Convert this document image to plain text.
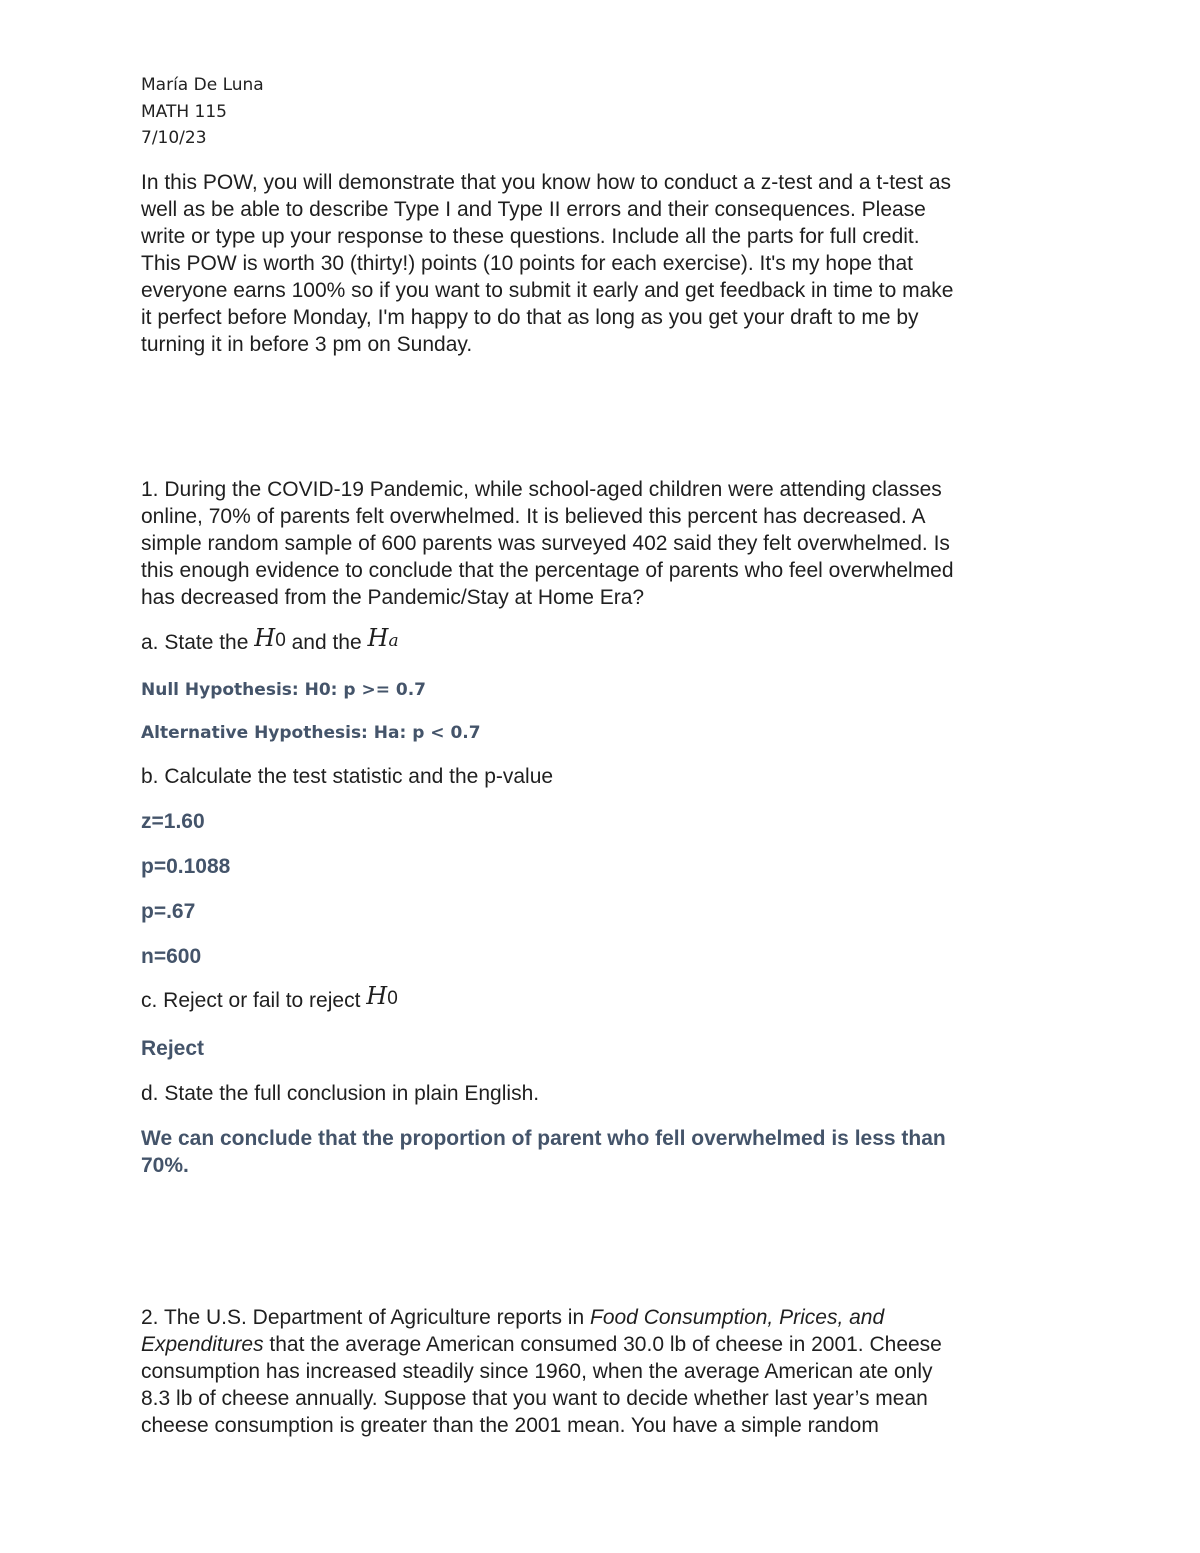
María De Luna

MATH 115

7/10/23

In this POW, you will demonstrate that you know how to conduct a z-test and a t-test as

well as be able to describe Type I and Type II errors and their consequences. Please

write or type up your response to these questions. Include all the parts for full credit.

This POW is worth 30 (thirty!) points (10 points for each exercise). It's my hope that

everyone earns 100% so if you want to submit it early and get feedback in time to make

it perfect before Monday, I'm happy to do that as long as you get your draft to me by

turning it in before 3 pm on Sunday.

1. During the COVID-19 Pandemic, while school-aged children were attending classes

online, 70% of parents felt overwhelmed. It is believed this percent has decreased. A

simple random sample of 600 parents was surveyed 402 said they felt overwhelmed. Is

this enough evidence to conclude that the percentage of parents who feel overwhelmed

has decreased from the Pandemic/Stay at Home Era?

a. State the H0 and the Ha

Null Hypothesis: H0: p >= 0.7

Alternative Hypothesis: Ha: p < 0.7

b. Calculate the test statistic and the p-value

z=1.60

p=0.1088

p=.67

n=600

c. Reject or fail to reject H0

Reject

d. State the full conclusion in plain English.

We can conclude that the proportion of parent who fell overwhelmed is less than

70%.

2. The U.S. Department of Agriculture reports in Food Consumption, Prices, and

Expenditures that the average American consumed 30.0 lb of cheese in 2001. Cheese

consumption has increased steadily since 1960, when the average American ate only

8.3 lb of cheese annually. Suppose that you want to decide whether last year’s mean

cheese consumption is greater than the 2001 mean. You have a simple random
